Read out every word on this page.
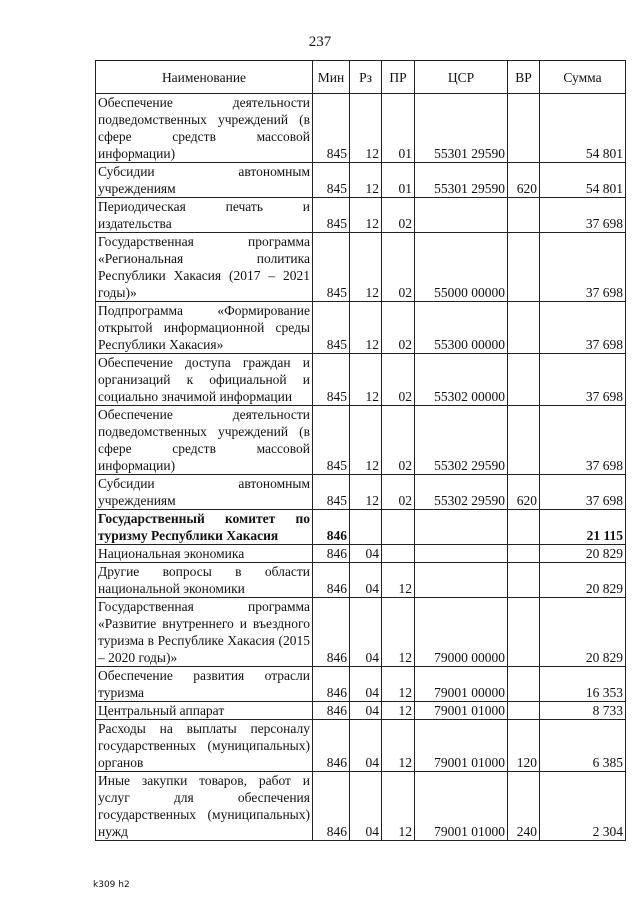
237
Наименование	Мин	Рз	ПР	ЦСР	ВР	Сумма
Обеспечение деятельности подведомственных учреждений (в сфере средств массовой информации)	845	12	01	55301 29590		54 801
Субсидии автономным учреждениям	845	12	01	55301 29590	620	54 801
Периодическая печать и издательства	845	12	02			37 698
Государственная программа «Региональная политика Республики Хакасия (2017 – 2021 годы)»	845	12	02	55000 00000		37 698
Подпрограмма «Формирование открытой информационной среды Республики Хакасия»	845	12	02	55300 00000		37 698
Обеспечение доступа граждан и организаций к официальной и социально значимой информации	845	12	02	55302 00000		37 698
Обеспечение деятельности подведомственных учреждений (в сфере средств массовой информации)	845	12	02	55302 29590		37 698
Субсидии автономным учреждениям	845	12	02	55302 29590	620	37 698
Государственный комитет по туризму Республики Хакасия	846					21 115
Национальная экономика	846	04				20 829
Другие вопросы в области национальной экономики	846	04	12			20 829
Государственная программа «Развитие внутреннего и въездного туризма в Республике Хакасия (2015 – 2020 годы)»	846	04	12	79000 00000		20 829
Обеспечение развития отрасли туризма	846	04	12	79001 00000		16 353
Центральный аппарат	846	04	12	79001 01000		8 733
Расходы на выплаты персоналу государственных (муниципальных) органов	846	04	12	79001 01000	120	6 385
Иные закупки товаров, работ и услуг для обеспечения государственных (муниципальных) нужд	846	04	12	79001 01000	240	2 304
k309 h2
